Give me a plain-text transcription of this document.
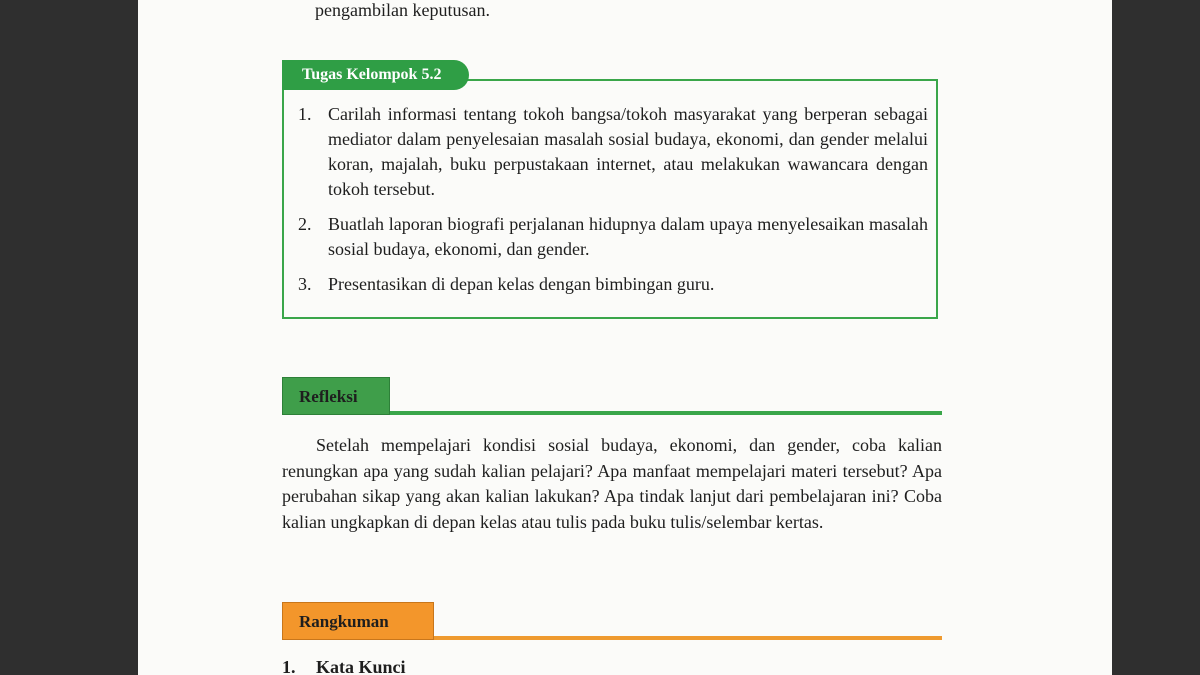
pengambilan keputusan.

Tugas Kelompok 5.2
1. Carilah informasi tentang tokoh bangsa/tokoh masyarakat yang berperan sebagai mediator dalam penyelesaian masalah sosial budaya, ekonomi, dan gender melalui koran, majalah, buku perpustakaan internet, atau melakukan wawancara dengan tokoh tersebut.
2. Buatlah laporan biografi perjalanan hidupnya dalam upaya menyelesaikan masalah sosial budaya, ekonomi, dan gender.
3. Presentasikan di depan kelas dengan bimbingan guru.
Refleksi

Setelah mempelajari kondisi sosial budaya, ekonomi, dan gender, coba kalian renungkan apa yang sudah kalian pelajari? Apa manfaat mempelajari materi tersebut? Apa perubahan sikap yang akan kalian lakukan? Apa tindak lanjut dari pembelajaran ini? Coba kalian ungkapkan di depan kelas atau tulis pada buku tulis/selembar kertas.

Rangkuman
1.	Kata Kunci
